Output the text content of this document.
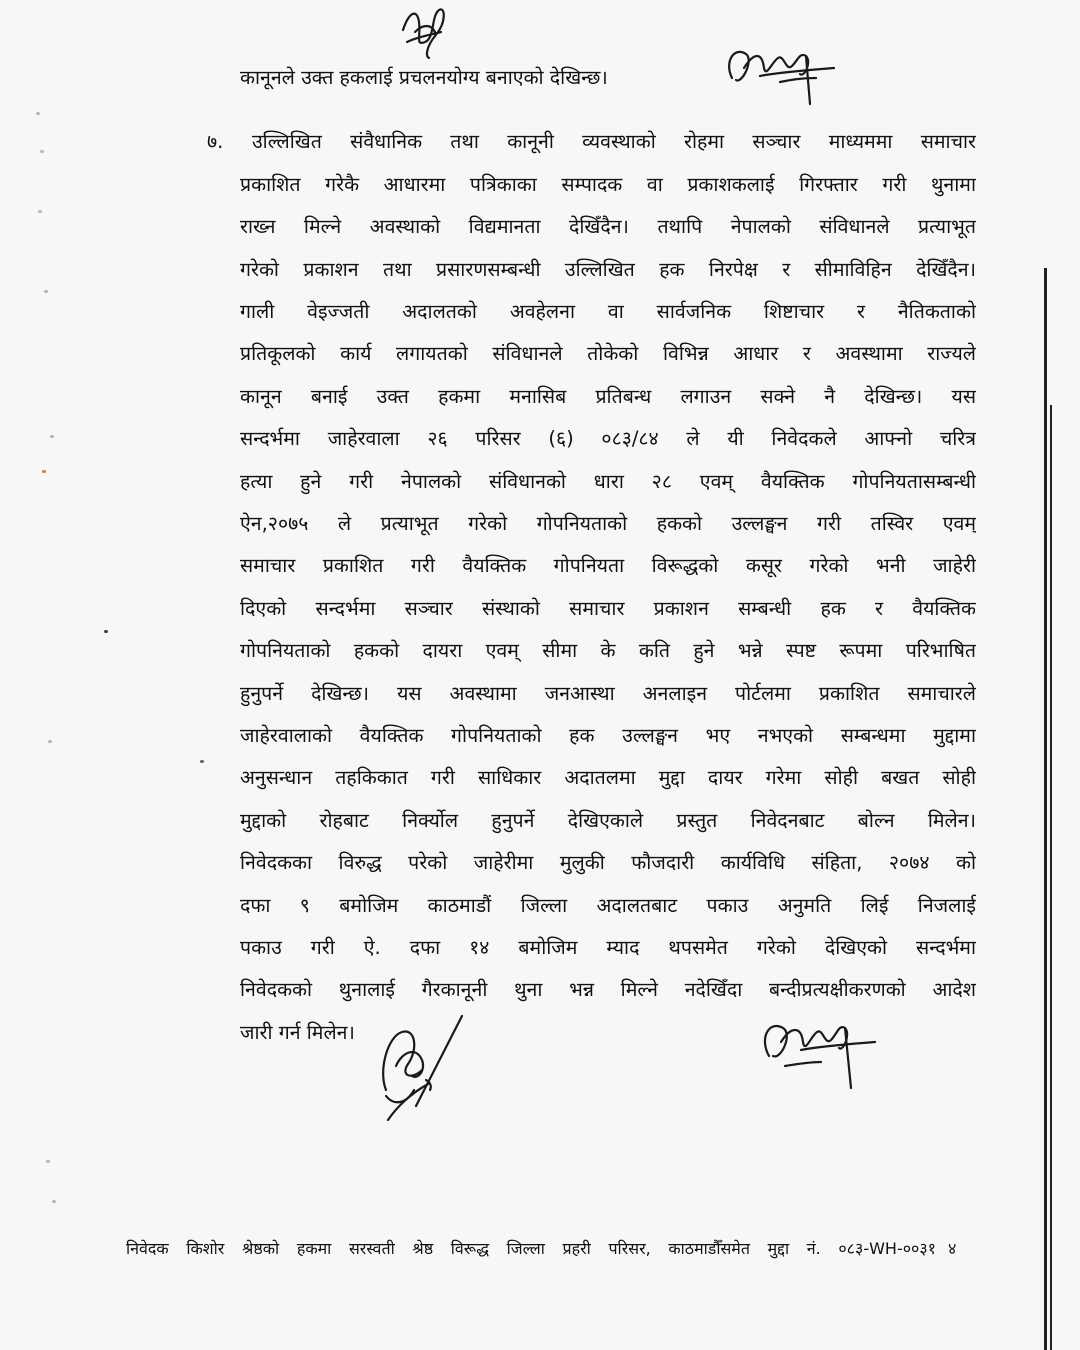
कानूनले उक्त हकलाई प्रचलनयोग्य बनाएको देखिन्छ।
७. उल्लिखित संवैधानिक तथा कानूनी व्यवस्थाको रोहमा सञ्चार माध्यममा समाचार
प्रकाशित गरेकै आधारमा पत्रिकाका सम्पादक वा प्रकाशकलाई गिरफ्तार गरी थुनामा
राख्न मिल्ने अवस्थाको विद्यमानता देखिँदैन। तथापि नेपालको संविधानले प्रत्याभूत
गरेको प्रकाशन तथा प्रसारणसम्बन्धी उल्लिखित हक निरपेक्ष र सीमाविहिन देखिँदैन।
गाली वेइज्जती अदालतको अवहेलना वा सार्वजनिक शिष्टाचार र नैतिकताको
प्रतिकूलको कार्य लगायतको संविधानले तोकेको विभिन्न आधार र अवस्थामा राज्यले
कानून बनाई उक्त हकमा मनासिब प्रतिबन्ध लगाउन सक्ने नै देखिन्छ। यस
सन्दर्भमा जाहेरवाला २६ परिसर (६) ०८३/८४ ले यी निवेदकले आफ्नो चरित्र
हत्या हुने गरी नेपालको संविधानको धारा २८ एवम् वैयक्तिक गोपनियतासम्बन्धी
ऐन,२०७५ ले प्रत्याभूत गरेको गोपनियताको हकको उल्लङ्घन गरी तस्विर एवम्
समाचार प्रकाशित गरी वैयक्तिक गोपनियता विरूद्धको कसूर गरेको भनी जाहेरी
दिएको सन्दर्भमा सञ्चार संस्थाको समाचार प्रकाशन सम्बन्धी हक र वैयक्तिक
गोपनियताको हकको दायरा एवम् सीमा के कति हुने भन्ने स्पष्ट रूपमा परिभाषित
हुनुपर्ने देखिन्छ। यस अवस्थामा जनआस्था अनलाइन पोर्टलमा प्रकाशित समाचारले
जाहेरवालाको वैयक्तिक गोपनियताको हक उल्लङ्घन भए नभएको सम्बन्धमा मुद्दामा
अनुसन्धान तहकिकात गरी साधिकार अदातलमा मुद्दा दायर गरेमा सोही बखत सोही
मुद्दाको रोहबाट निर्क्योल हुनुपर्ने देखिएकाले प्रस्तुत निवेदनबाट बोल्न मिलेन।
निवेदकका विरुद्ध परेको जाहेरीमा मुलुकी फौजदारी कार्यविधि संहिता, २०७४ को
दफा ९ बमोजिम काठमाडौं जिल्ला अदालतबाट पकाउ अनुमति लिई निजलाई
पकाउ गरी ऐ. दफा १४ बमोजिम म्याद थपसमेत गरेको देखिएको सन्दर्भमा
निवेदकको थुनालाई गैरकानूनी थुना भन्न मिल्ने नदेखिँदा बन्दीप्रत्यक्षीकरणको आदेश
जारी गर्न मिलेन।
निवेदक किशोर श्रेष्ठको हकमा सरस्वती श्रेष्ठ विरूद्ध जिल्ला प्रहरी परिसर, काठमाडौँसमेत मुद्दा नं. ०८३-WH-००३१ ४
